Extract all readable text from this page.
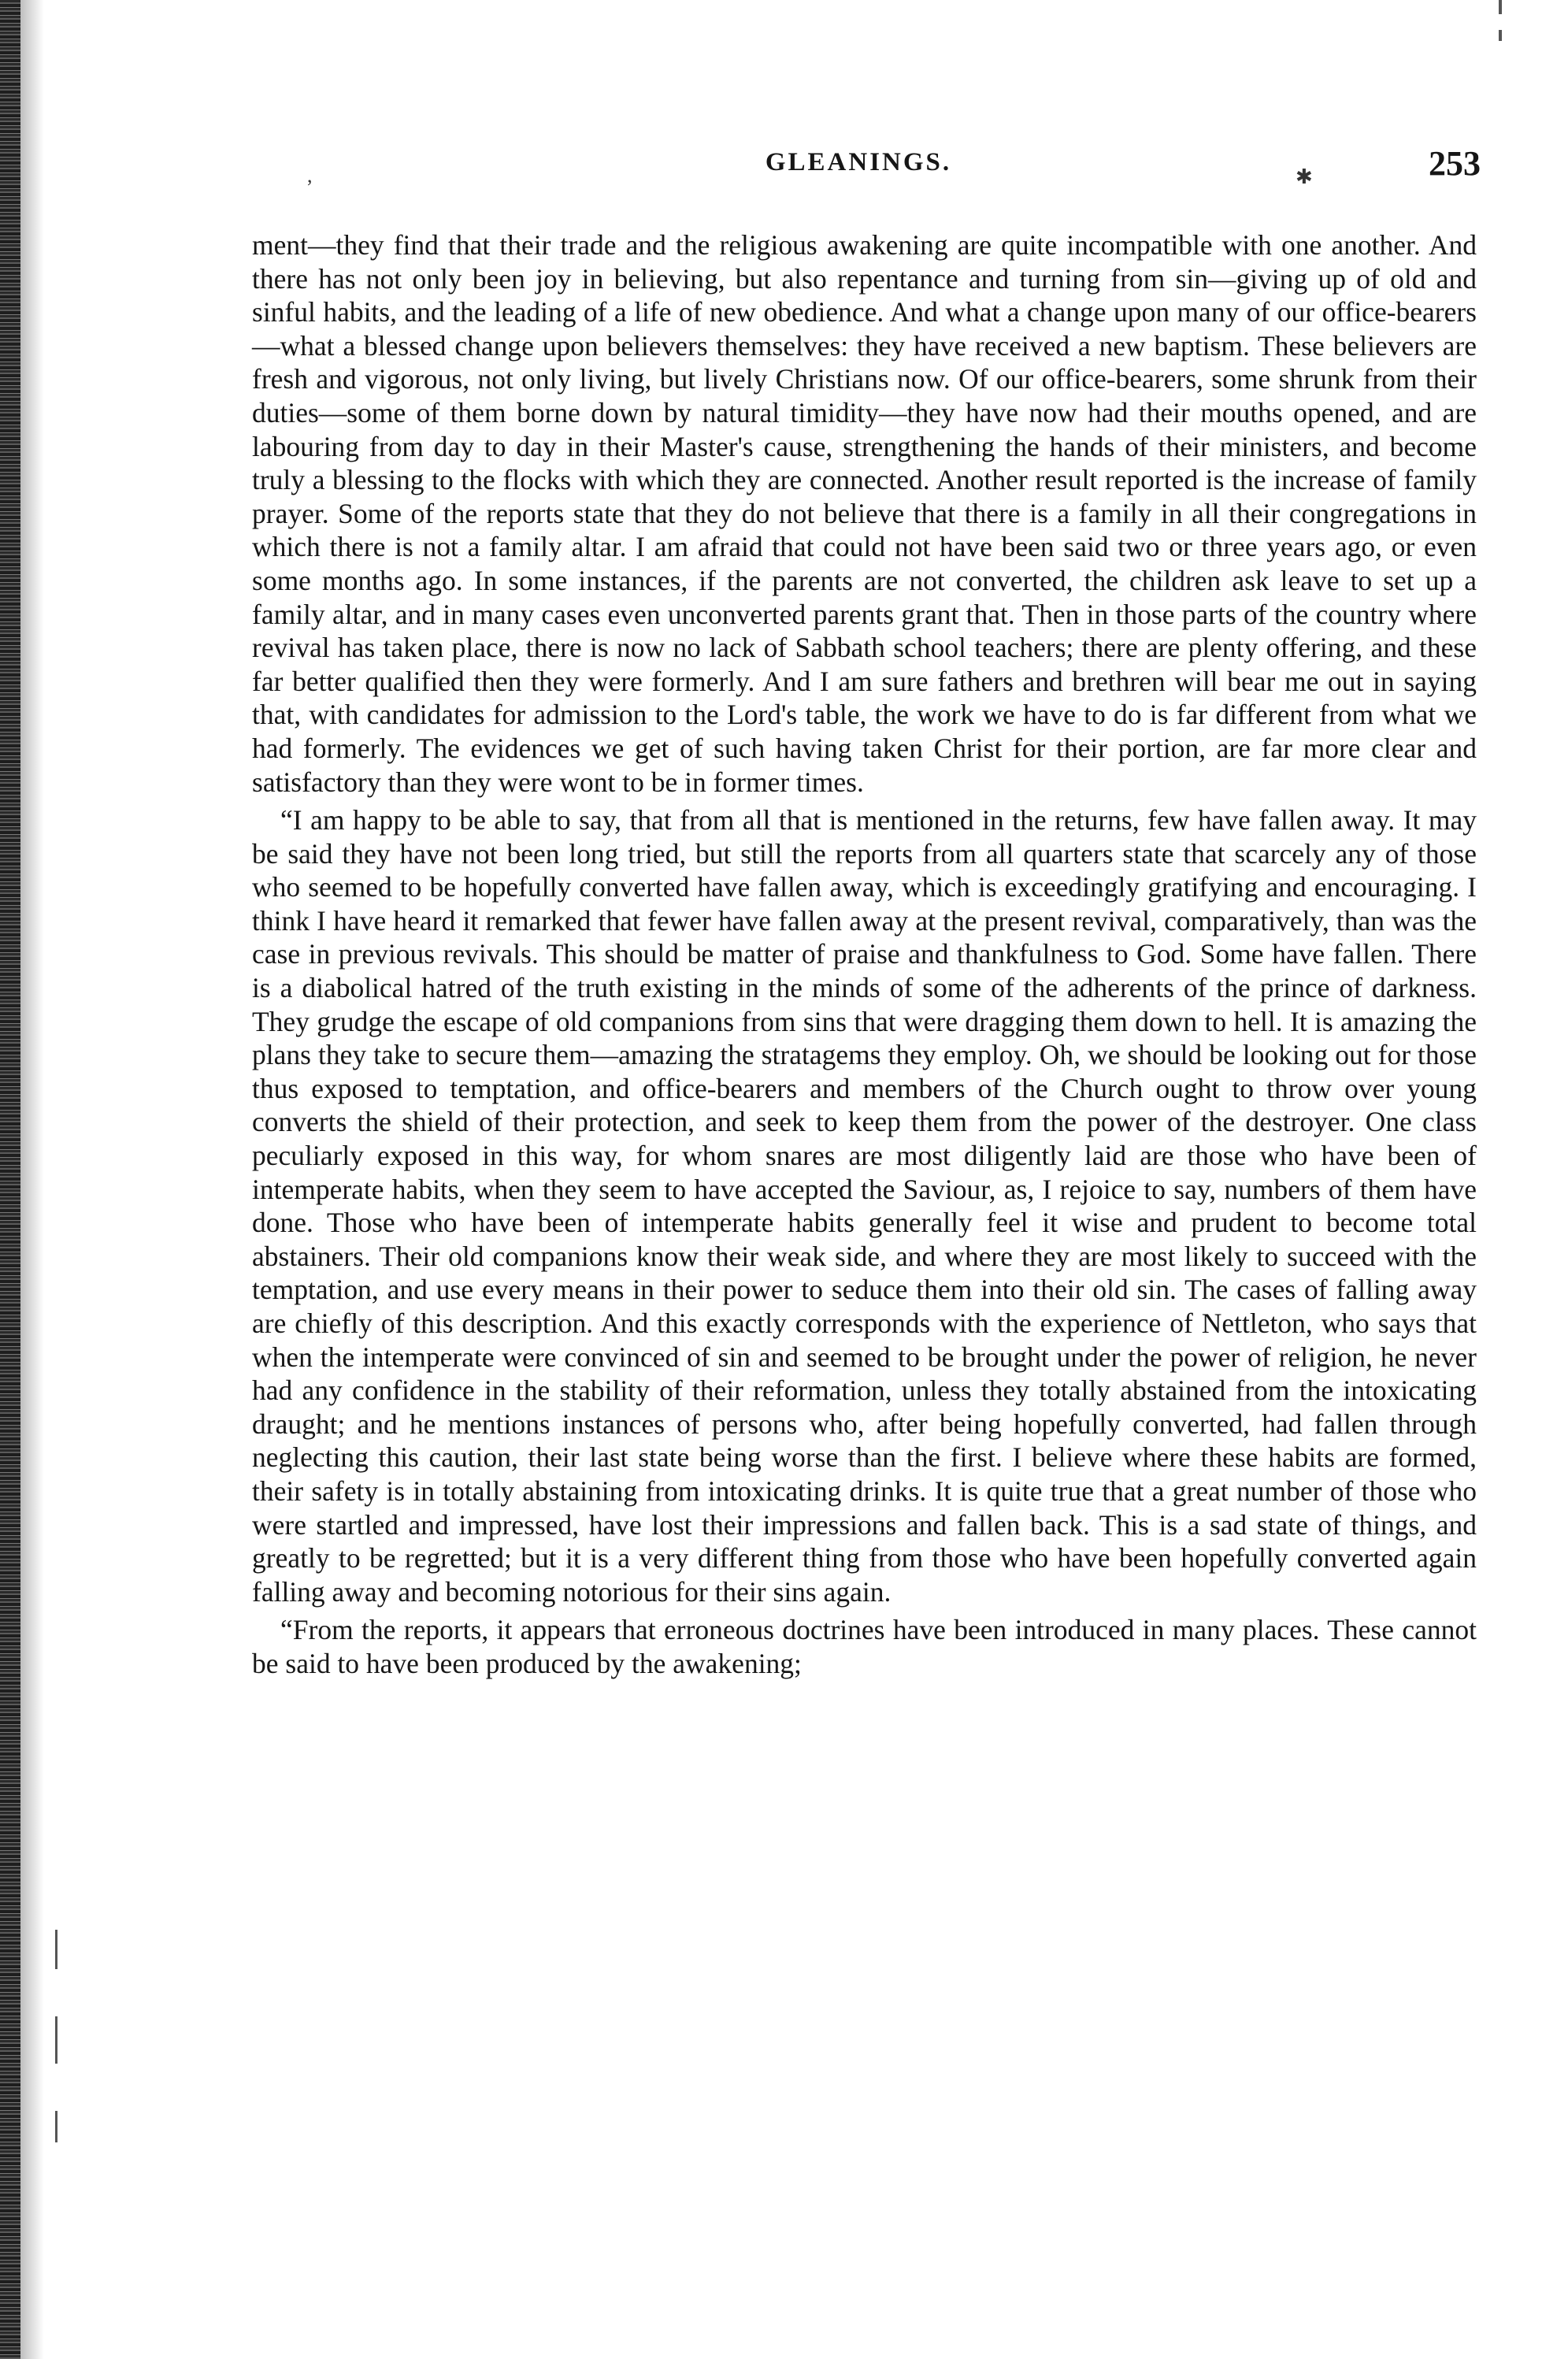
,	GLEANINGS.
✱	253

ment—they find that their trade and the religious awakening are quite incompatible with one another. And there has not only been joy in believing, but also repentance and turning from sin—giving up of old and sinful habits, and the leading of a life of new obedience. And what a change upon many of our office-bearers—what a blessed change upon believers themselves: they have received a new baptism. These believers are fresh and vigorous, not only living, but lively Christians now. Of our office-bearers, some shrunk from their duties—some of them borne down by natural timidity—they have now had their mouths opened, and are labouring from day to day in their Master's cause, strengthening the hands of their ministers, and become truly a blessing to the flocks with which they are connected. Another result reported is the increase of family prayer. Some of the reports state that they do not believe that there is a family in all their congregations in which there is not a family altar. I am afraid that could not have been said two or three years ago, or even some months ago. In some instances, if the parents are not converted, the children ask leave to set up a family altar, and in many cases even unconverted parents grant that. Then in those parts of the country where revival has taken place, there is now no lack of Sabbath school teachers; there are plenty offering, and these far better qualified then they were formerly. And I am sure fathers and brethren will bear me out in saying that, with candidates for admission to the Lord's table, the work we have to do is far different from what we had formerly. The evidences we get of such having taken Christ for their portion, are far more clear and satisfactory than they were wont to be in former times.

“I am happy to be able to say, that from all that is mentioned in the returns, few have fallen away. It may be said they have not been long tried, but still the reports from all quarters state that scarcely any of those who seemed to be hopefully converted have fallen away, which is exceedingly gratifying and encouraging. I think I have heard it remarked that fewer have fallen away at the present revival, comparatively, than was the case in previous revivals. This should be matter of praise and thankfulness to God. Some have fallen. There is a diabolical hatred of the truth existing in the minds of some of the adherents of the prince of darkness. They grudge the escape of old companions from sins that were dragging them down to hell. It is amazing the plans they take to secure them—amazing the stratagems they employ. Oh, we should be looking out for those thus exposed to temptation, and office-bearers and members of the Church ought to throw over young converts the shield of their protection, and seek to keep them from the power of the destroyer. One class peculiarly exposed in this way, for whom snares are most diligently laid are those who have been of intemperate habits, when they seem to have accepted the Saviour, as, I rejoice to say, numbers of them have done. Those who have been of intemperate habits generally feel it wise and prudent to become total abstainers. Their old companions know their weak side, and where they are most likely to succeed with the temptation, and use every means in their power to seduce them into their old sin. The cases of falling away are chiefly of this description. And this exactly corresponds with the experience of Nettleton, who says that when the intemperate were convinced of sin and seemed to be brought under the power of religion, he never had any confidence in the stability of their reformation, unless they totally abstained from the intoxicating draught; and he mentions instances of persons who, after being hopefully converted, had fallen through neglecting this caution, their last state being worse than the first. I believe where these habits are formed, their safety is in totally abstaining from intoxicating drinks. It is quite true that a great number of those who were startled and impressed, have lost their impressions and fallen back. This is a sad state of things, and greatly to be regretted; but it is a very different thing from those who have been hopefully converted again falling away and becoming notorious for their sins again.

“From the reports, it appears that erroneous doctrines have been introduced in many places. These cannot be said to have been produced by the awakening;
